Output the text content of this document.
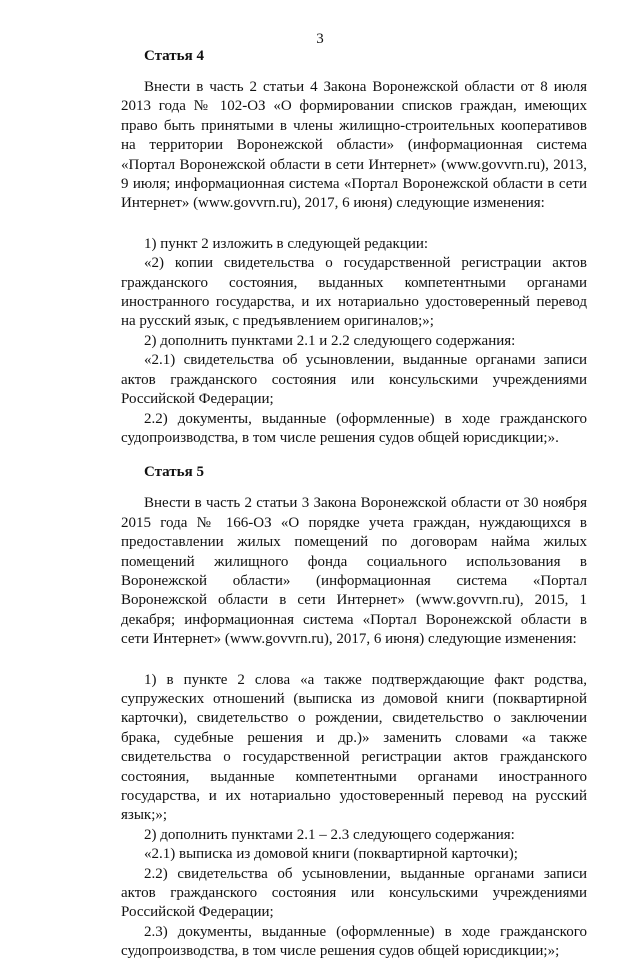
3
Статья 4

Внести в часть 2 статьи 4 Закона Воронежской области от 8 июля 2013 года № 102-ОЗ «О формировании списков граждан, имеющих право быть принятыми в члены жилищно-строительных кооперативов на территории Воронежской области» (информационная система «Портал Воронежской области в сети Интернет» (www.govvrn.ru), 2013, 9 июля; информационная система «Портал Воронежской области в сети Интернет» (www.govvrn.ru), 2017, 6 июня) следующие изменения:

1) пункт 2 изложить в следующей редакции:

«2) копии свидетельства о государственной регистрации актов гражданского состояния, выданных компетентными органами иностранного государства, и их нотариально удостоверенный перевод на русский язык, с предъявлением оригиналов;»;

2) дополнить пунктами 2.1 и 2.2 следующего содержания:

«2.1) свидетельства об усыновлении, выданные органами записи актов гражданского состояния или консульскими учреждениями Российской Федерации;

2.2) документы, выданные (оформленные) в ходе гражданского судопроизводства, в том числе решения судов общей юрисдикции;».

Статья 5

Внести в часть 2 статьи 3 Закона Воронежской области от 30 ноября 2015 года № 166-ОЗ «О порядке учета граждан, нуждающихся в предоставлении жилых помещений по договорам найма жилых помещений жилищного фонда социального использования в Воронежской области» (информационная система «Портал Воронежской области в сети Интернет» (www.govvrn.ru), 2015, 1 декабря; информационная система «Портал Воронежской области в сети Интернет» (www.govvrn.ru), 2017, 6 июня) следующие изменения:

1) в пункте 2 слова «а также подтверждающие факт родства, супружеских отношений (выписка из домовой книги (поквартирной карточки), свидетельство о рождении, свидетельство о заключении брака, судебные решения и др.)» заменить словами «а также свидетельства о государственной регистрации актов гражданского состояния, выданные компетентными органами иностранного государства, и их нотариально удостоверенный перевод на русский язык;»;

2) дополнить пунктами 2.1 – 2.3 следующего содержания:

«2.1) выписка из домовой книги (поквартирной карточки);

2.2) свидетельства об усыновлении, выданные органами записи актов гражданского состояния или консульскими учреждениями Российской Федерации;

2.3) документы, выданные (оформленные) в ходе гражданского судопроизводства, в том числе решения судов общей юрисдикции;»;
